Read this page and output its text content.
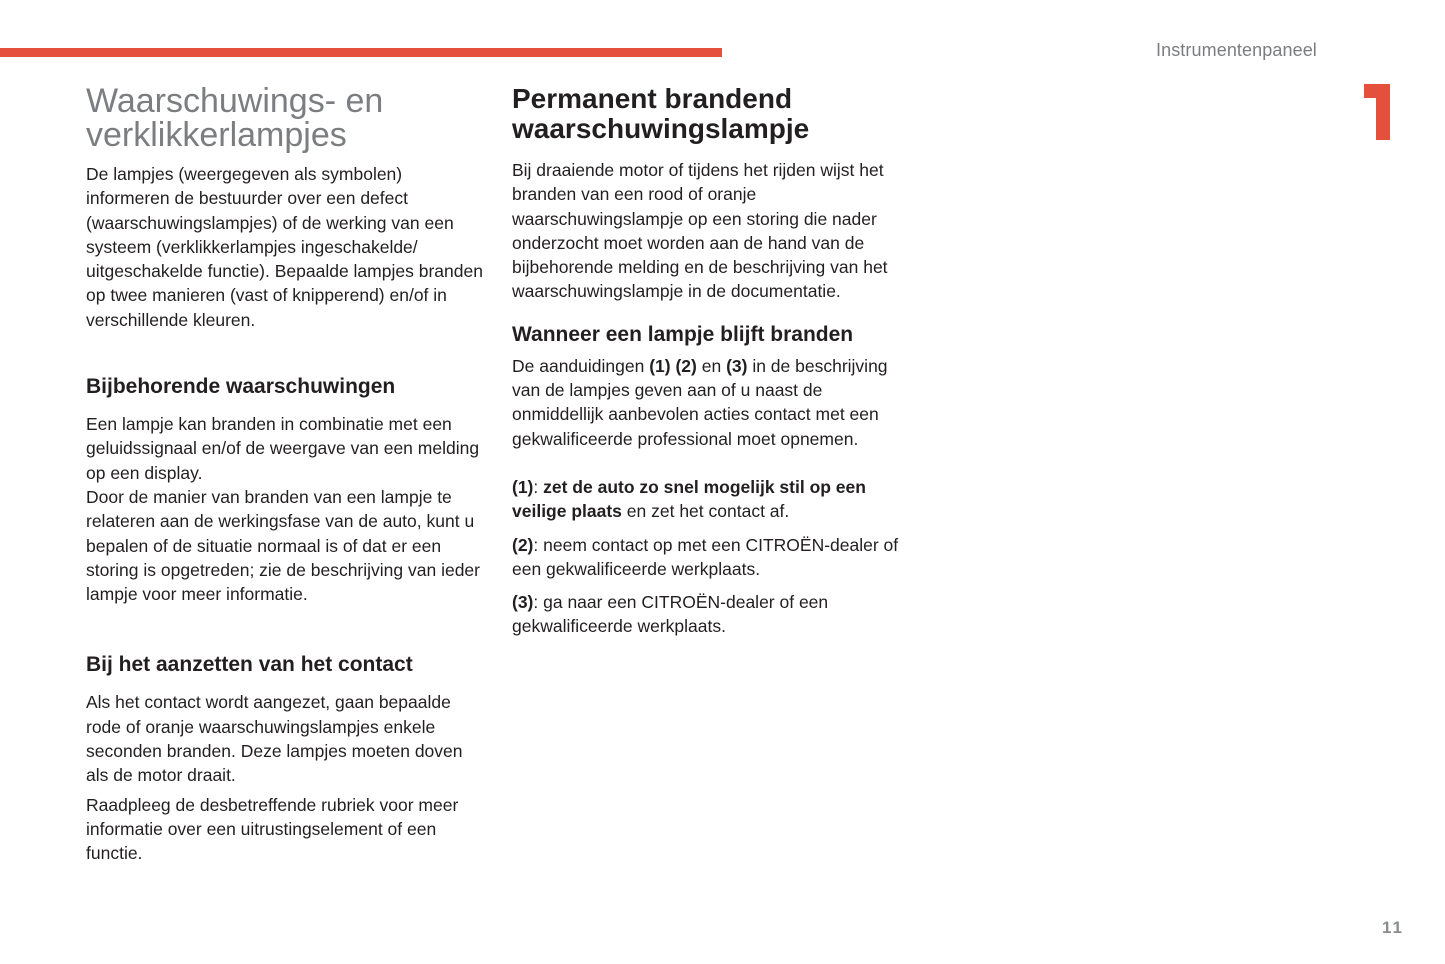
Instrumentenpaneel
Waarschuwings- en
verklikkerlampjes

De lampjes (weergegeven als symbolen) informeren de bestuurder over een defect (waarschuwingslampjes) of de werking van een systeem (verklikkerlampjes ingeschakelde/ uitgeschakelde functie). Bepaalde lampjes branden op twee manieren (vast of knipperend) en/of in verschillende kleuren.

Bijbehorende waarschuwingen

Een lampje kan branden in combinatie met een geluidssignaal en/of de weergave van een melding op een display.

Door de manier van branden van een lampje te relateren aan de werkingsfase van de auto, kunt u bepalen of de situatie normaal is of dat er een storing is opgetreden; zie de beschrijving van ieder lampje voor meer informatie.

Bij het aanzetten van het contact

Als het contact wordt aangezet, gaan bepaalde rode of oranje waarschuwingslampjes enkele seconden branden. Deze lampjes moeten doven als de motor draait.

Raadpleeg de desbetreffende rubriek voor meer informatie over een uitrustingselement of een functie.

Permanent brandend
waarschuwingslampje

Bij draaiende motor of tijdens het rijden wijst het branden van een rood of oranje waarschuwingslampje op een storing die nader onderzocht moet worden aan de hand van de bijbehorende melding en de beschrijving van het waarschuwingslampje in de documentatie.

Wanneer een lampje blijft branden

De aanduidingen (1) (2) en (3) in de beschrijving van de lampjes geven aan of u naast de onmiddellijk aanbevolen acties contact met een gekwalificeerde professional moet opnemen.

(1): zet de auto zo snel mogelijk stil op een veilige plaats en zet het contact af.

(2): neem contact op met een CITROËN-dealer of een gekwalificeerde werkplaats.

(3): ga naar een CITROËN-dealer of een gekwalificeerde werkplaats.

11
